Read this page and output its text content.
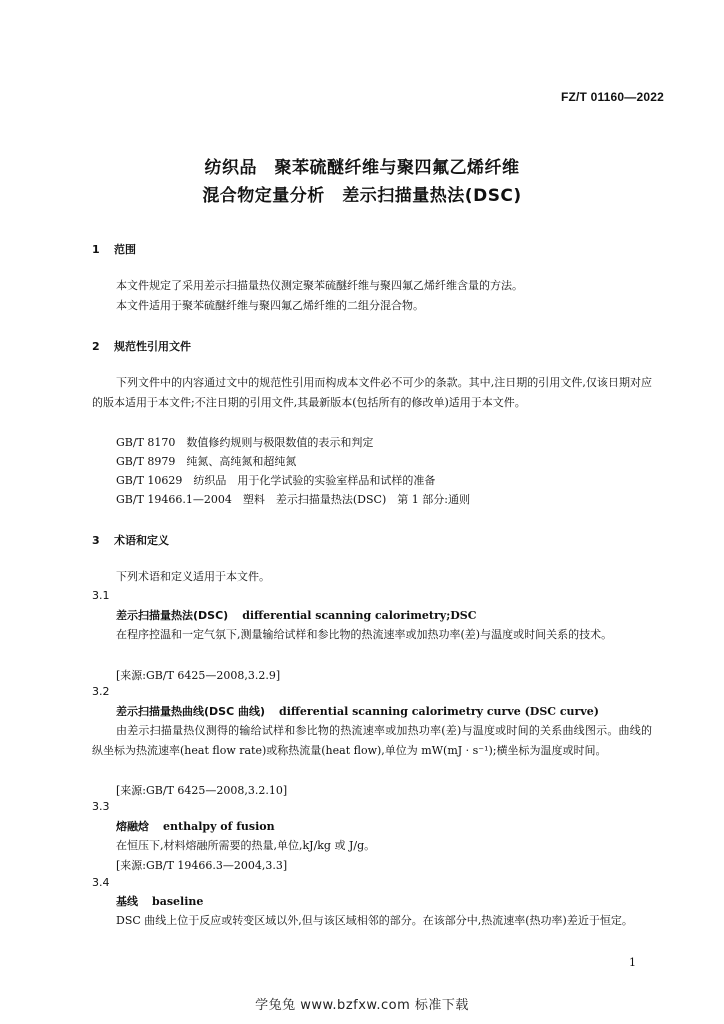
FZ/T 01160—2022
纺织品　聚苯硫醚纤维与聚四氟乙烯纤维
混合物定量分析　差示扫描量热法(DSC)
1 范围

本文件规定了采用差示扫描量热仪测定聚苯硫醚纤维与聚四氟乙烯纤维含量的方法。

本文件适用于聚苯硫醚纤维与聚四氟乙烯纤维的二组分混合物。

2 规范性引用文件

下列文件中的内容通过文中的规范性引用而构成本文件必不可少的条款。其中,注日期的引用文件,仅该日期对应的版本适用于本文件;不注日期的引用文件,其最新版本(包括所有的修改单)适用于本文件。

GB/T 8170　数值修约规则与极限数值的表示和判定
GB/T 8979　纯氮、高纯氮和超纯氮
GB/T 10629　纺织品　用于化学试验的实验室样品和试样的准备
GB/T 19466.1—2004　塑料　差示扫描量热法(DSC)　第 1 部分:通则
3 术语和定义

下列术语和定义适用于本文件。

3.1
差示扫描量热法(DSC) differential scanning calorimetry;DSC

在程序控温和一定气氛下,测量输给试样和参比物的热流速率或加热功率(差)与温度或时间关系的技术。

[来源:GB/T 6425—2008,3.2.9]
3.2
差示扫描量热曲线(DSC 曲线) differential scanning calorimetry curve (DSC curve)

由差示扫描量热仪测得的输给试样和参比物的热流速率或加热功率(差)与温度或时间的关系曲线图示。曲线的纵坐标为热流速率(heat flow rate)或称热流量(heat flow),单位为 mW(mJ · s⁻¹);横坐标为温度或时间。

[来源:GB/T 6425—2008,3.2.10]
3.3
熔融焓 enthalpy of fusion

在恒压下,材料熔融所需要的热量,单位,kJ/kg 或 J/g。

[来源:GB/T 19466.3—2004,3.3]
3.4
基线 baseline

DSC 曲线上位于反应或转变区域以外,但与该区域相邻的部分。在该部分中,热流速率(热功率)差近于恒定。

1
学兔兔 www.bzfxw.com 标准下载
